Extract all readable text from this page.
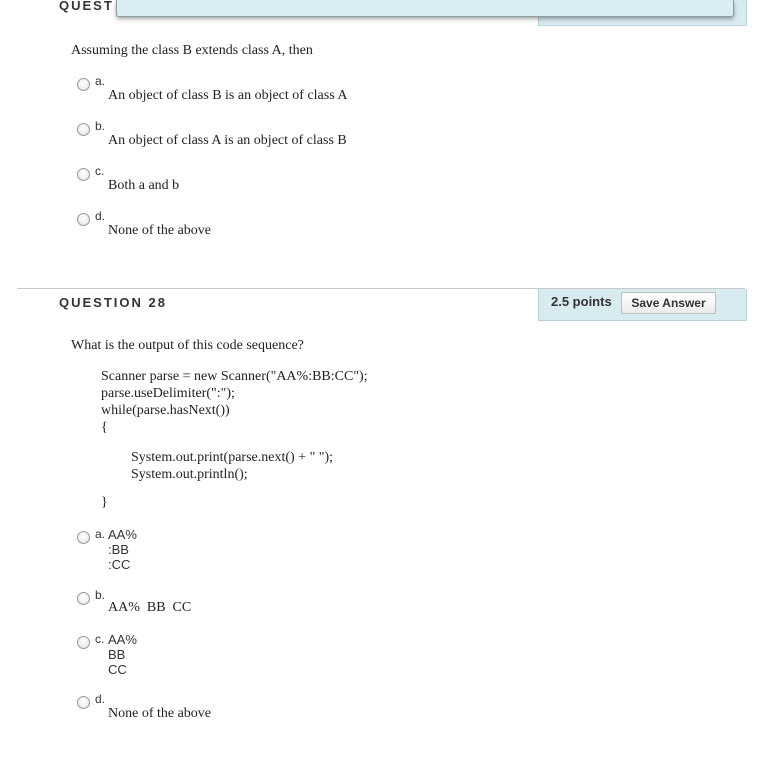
QUEST
Assuming the class B extends class A, then
a.
An object of class B is an object of class A
b.
An object of class A is an object of class B
c.
Both a and b
d.
None of the above
QUESTION 28	2.5 points	Save Answer
What is the output of this code sequence?
Scanner parse = new Scanner("AA%:BB:CC");
parse.useDelimiter(":");
while(parse.hasNext())
{
System.out.print(parse.next() + " ");
System.out.println();
}
a. AA%
:BB
:CC
b.
AA%  BB  CC
c. AA%
BB
CC
d.
None of the above
